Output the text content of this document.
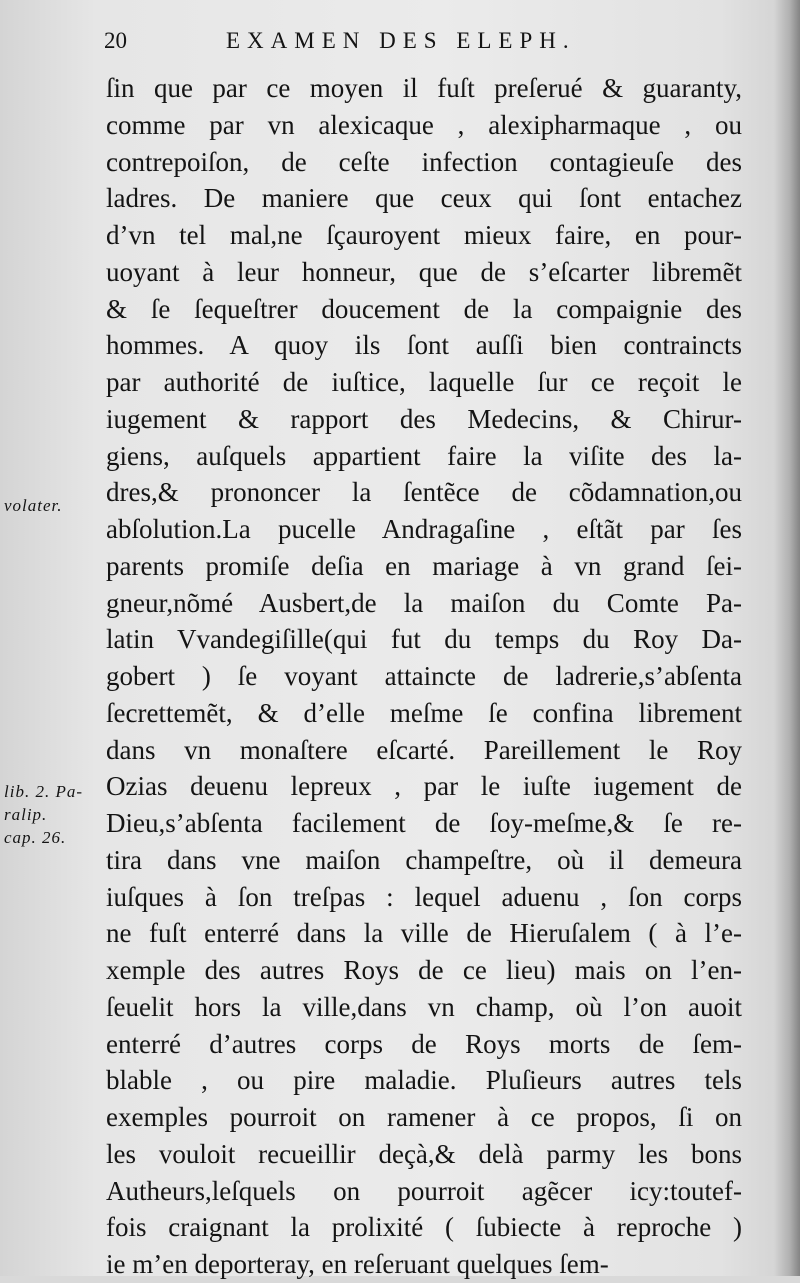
20	EXAMEN DES ELEPH.
ſin que par ce moyen il fuſt preſerué & guaranty,
comme par vn alexicaque , alexipharmaque , ou
contrepoiſon, de ceſte infection contagieuſe des
ladres. De maniere que ceux qui ſont entachez
d’vn tel mal,ne ſçauroyent mieux faire, en pour-
uoyant à leur honneur, que de s’eſcarter libremẽt
& ſe ſequeſtrer doucement de la compaignie des
hommes. A quoy ils ſont auſſi bien contraincts
par authorité de iuſtice, laquelle ſur ce reçoit le
iugement & rapport des Medecins, & Chirur-
giens, auſquels appartient faire la viſite des la-
dres,& prononcer la ſentẽce de cõdamnation,ou
abſolution.La pucelle Andragaſine , eſtãt par ſes
parents promiſe deſia en mariage à vn grand ſei-
gneur,nõmé Ausbert,de la maiſon du Comte Pa-
latin Vvandegiſille(qui fut du temps du Roy Da-
gobert ) ſe voyant attaincte de ladrerie,s’abſenta
ſecrettemẽt, & d’elle meſme ſe confina librement
dans vn monaſtere eſcarté. Pareillement le Roy
Ozias deuenu lepreux , par le iuſte iugement de
Dieu,s’abſenta facilement de ſoy-meſme,& ſe re-
tira dans vne maiſon champeſtre, où il demeura
iuſques à ſon treſpas : lequel aduenu , ſon corps
ne fuſt enterré dans la ville de Hieruſalem ( à l’e-
xemple des autres Roys de ce lieu) mais on l’en-
ſeuelit hors la ville,dans vn champ, où l’on auoit
enterré d’autres corps de Roys morts de ſem-
blable , ou pire maladie. Pluſieurs autres tels
exemples pourroit on ramener à ce propos, ſi on
les vouloit recueillir deçà,& delà parmy les bons
Autheurs,leſquels on pourroit agẽcer icy:toutef-
fois craignant la prolixité ( ſubiecte à reproche )
ie m’en deporteray, en reſeruant quelques ſem-
volater.
lib. 2. Pa-
ralip.
cap. 26.
